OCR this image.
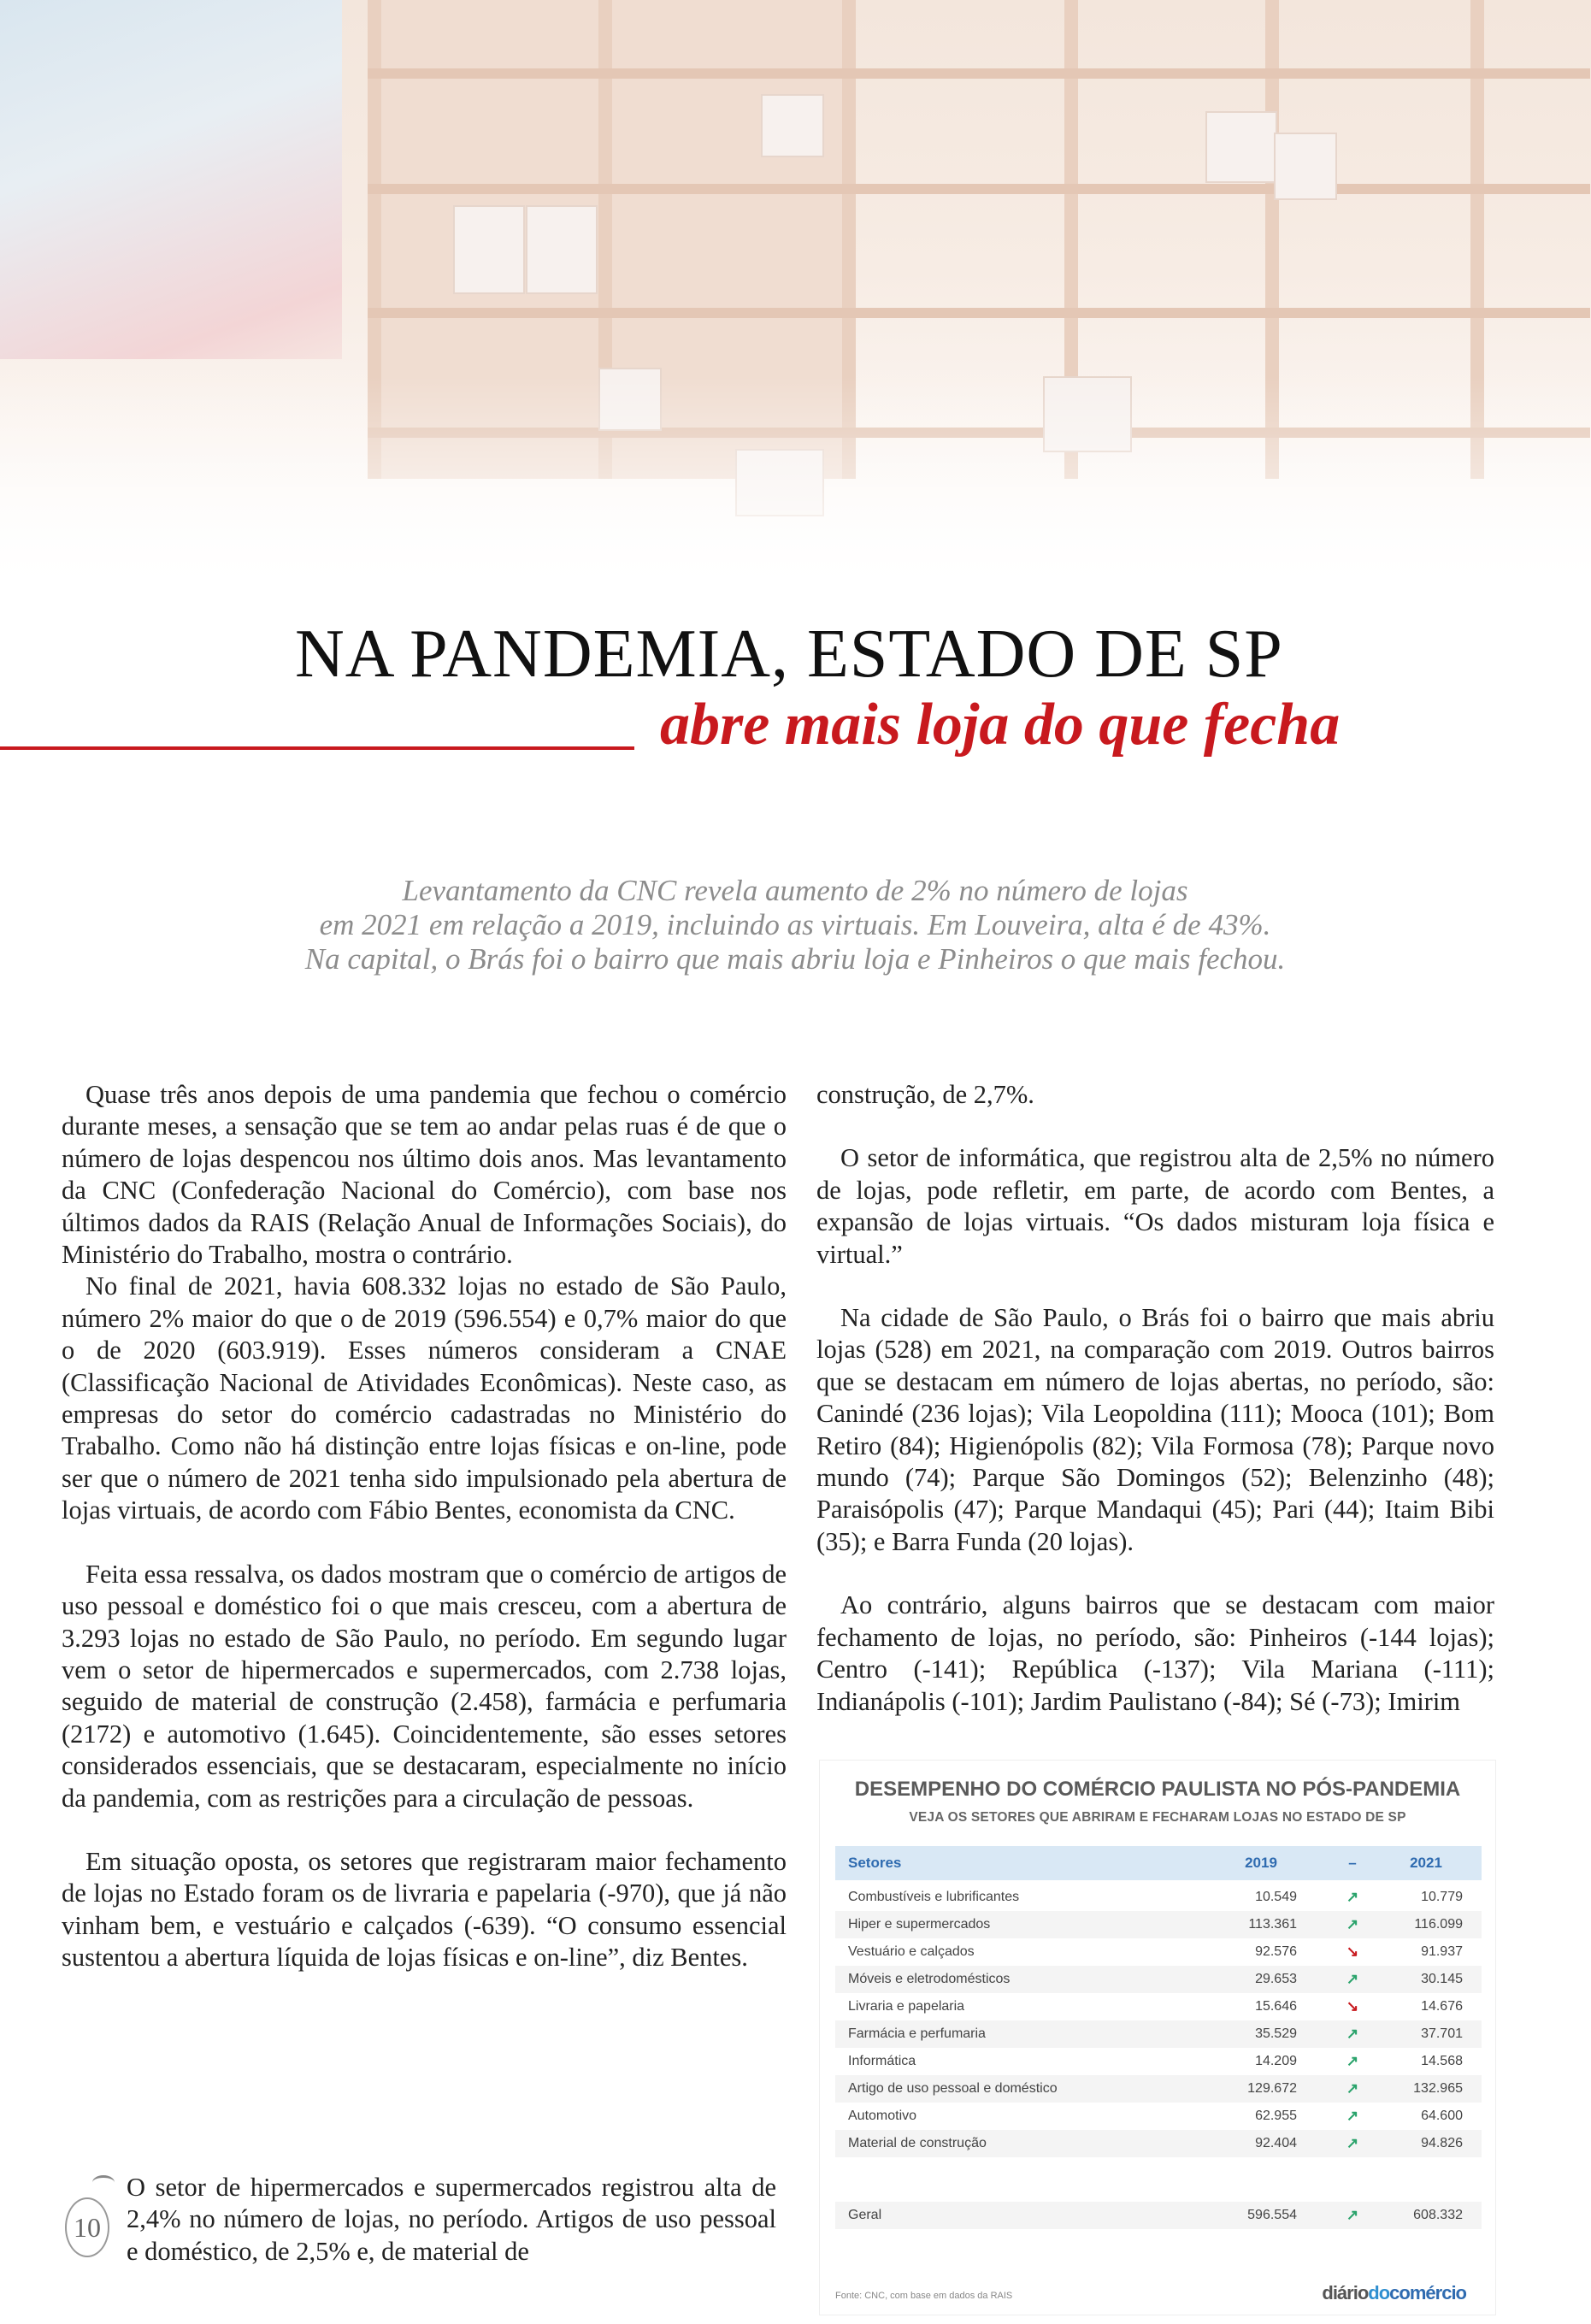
NA PANDEMIA, ESTADO DE SP
abre mais loja do que fecha
Levantamento da CNC revela aumento de 2% no número de lojas
em 2021 em relação a 2019, incluindo as virtuais. Em Louveira, alta é de 43%.
Na capital, o Brás foi o bairro que mais abriu loja e Pinheiros o que mais fechou.

Quase três anos depois de uma pandemia que fechou o comércio durante meses, a sensação que se tem ao andar pelas ruas é de que o número de lojas despencou nos último dois anos. Mas levantamento da CNC (Confederação Nacional do Comércio), com base nos últimos dados da RAIS (Relação Anual de Informações Sociais), do Ministério do Trabalho, mostra o contrário.

No final de 2021, havia 608.332 lojas no estado de São Paulo, número 2% maior do que o de 2019 (596.554) e 0,7% maior do que o de 2020 (603.919). Esses números consideram a CNAE (Classificação Nacional de Atividades Econômicas). Neste caso, as empresas do setor do comércio cadastradas no Ministério do Trabalho. Como não há distinção entre lojas físicas e on-line, pode ser que o número de 2021 tenha sido impulsionado pela abertura de lojas virtuais, de acordo com Fábio Bentes, economista da CNC.

Feita essa ressalva, os dados mostram que o comércio de artigos de uso pessoal e doméstico foi o que mais cresceu, com a abertura de 3.293 lojas no estado de São Paulo, no período. Em segundo lugar vem o setor de hipermercados e supermercados, com 2.738 lojas, seguido de material de construção (2.458), farmácia e perfumaria (2172) e automotivo (1.645). Coincidentemente, são esses setores considerados essenciais, que se destacaram, especialmente no início da pandemia, com as restrições para a circulação de pessoas.

Em situação oposta, os setores que registraram maior fechamento de lojas no Estado foram os de livraria e papelaria (-970), que já não vinham bem, e vestuário e calçados (-639). “O consumo essencial sustentou a abertura líquida de lojas físicas e on-line”, diz Bentes.

10

O setor de hipermercados e supermercados registrou alta de 2,4% no número de lojas, no período. Artigos de uso pessoal e doméstico, de 2,5% e, de material de

construção, de 2,7%.

O setor de informática, que registrou alta de 2,5% no número de lojas, pode refletir, em parte, de acordo com Bentes, a expansão de lojas virtuais. “Os dados misturam loja física e virtual.”

Na cidade de São Paulo, o Brás foi o bairro que mais abriu lojas (528) em 2021, na comparação com 2019. Outros bairros que se destacam em número de lojas abertas, no período, são: Canindé (236 lojas); Vila Leopoldina (111); Mooca (101); Bom Retiro (84); Higienópolis (82); Vila Formosa (78); Parque novo mundo (74); Parque São Domingos (52); Belenzinho (48); Paraisópolis (47); Parque Mandaqui (45); Pari (44); Itaim Bibi (35); e Barra Funda (20 lojas).

Ao contrário, alguns bairros que se destacam com maior fechamento de lojas, no período, são: Pinheiros (-144 lojas); Centro (-141); República (-137); Vila Mariana (-111); Indianápolis (-101); Jardim Paulistano (-84); Sé (-73); Imirim

DESEMPENHO DO COMÉRCIO PAULISTA NO PÓS-PANDEMIA
VEJA OS SETORES QUE ABRIRAM E FECHARAM LOJAS NO ESTADO DE SP
Setores	2019	–	2021
Combustíveis e lubrificantes	10.549	↗	10.779
Hiper e supermercados	113.361	↗	116.099
Vestuário e calçados	92.576	↘	91.937
Móveis e eletrodomésticos	29.653	↗	30.145
Livraria e papelaria	15.646	↘	14.676
Farmácia e perfumaria	35.529	↗	37.701
Informática	14.209	↗	14.568
Artigo de uso pessoal e doméstico	129.672	↗	132.965
Automotivo	62.955	↗	64.600
Material de construção	92.404	↗	94.826
Geral	596.554	↗	608.332
Fonte: CNC, com base em dados da RAIS	diáriodocomércio
